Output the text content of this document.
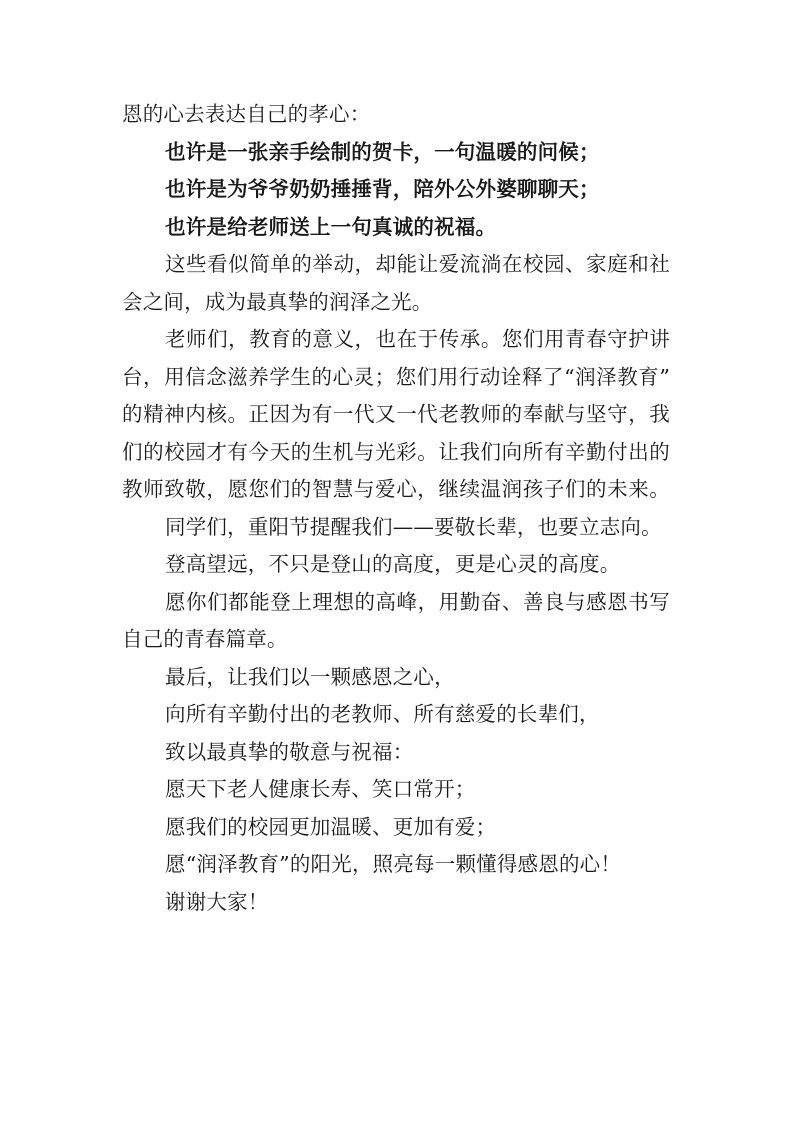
恩的心去表达自己的孝心：
也许是一张亲手绘制的贺卡，一句温暖的问候；
也许是为爷爷奶奶捶捶背，陪外公外婆聊聊天；
也许是给老师送上一句真诚的祝福。
这些看似简单的举动，却能让爱流淌在校园、家庭和社
会之间，成为最真挚的润泽之光。
老师们，教育的意义，也在于传承。您们用青春守护讲
台，用信念滋养学生的心灵；您们用行动诠释了“润泽教育”
的精神内核。正因为有一代又一代老教师的奉献与坚守，我
们的校园才有今天的生机与光彩。让我们向所有辛勤付出的
教师致敬，愿您们的智慧与爱心，继续温润孩子们的未来。
同学们，重阳节提醒我们——要敬长辈，也要立志向。
登高望远，不只是登山的高度，更是心灵的高度。
愿你们都能登上理想的高峰，用勤奋、善良与感恩书写
自己的青春篇章。
最后，让我们以一颗感恩之心，
向所有辛勤付出的老教师、所有慈爱的长辈们，
致以最真挚的敬意与祝福：
愿天下老人健康长寿、笑口常开；
愿我们的校园更加温暖、更加有爱；
愿“润泽教育”的阳光，照亮每一颗懂得感恩的心！
谢谢大家！
